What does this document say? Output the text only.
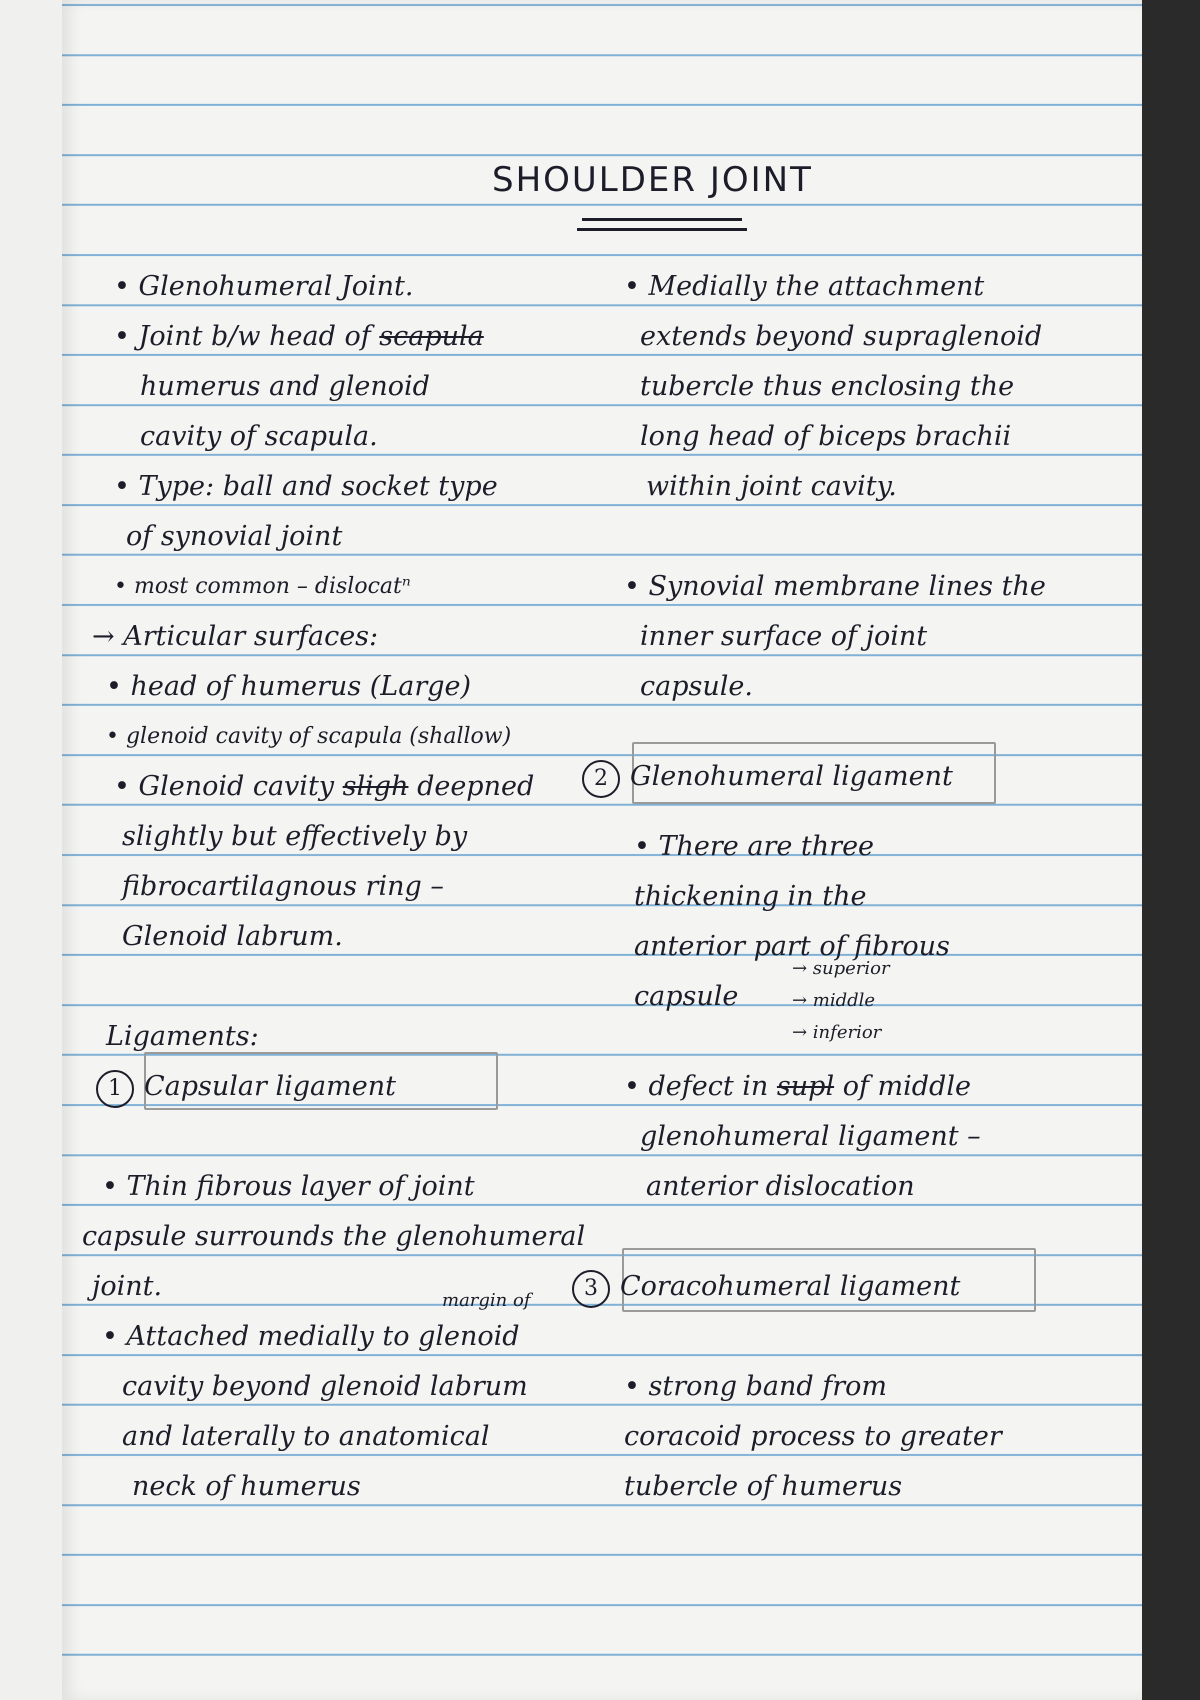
SHOULDER JOINT

• Glenohumeral Joint.

• Joint b/w head of scapula

humerus and glenoid

cavity of scapula.

• Type: ball and socket type

of synovial joint

• most common – dislocatⁿ

→ Articular surfaces:

• head of humerus (Large)

• glenoid cavity of scapula (shallow)

• Glenoid cavity sligh deepned

slightly but effectively by

fibrocartilagnous ring –

Glenoid labrum.

Ligaments:

1 Capsular ligament

• Thin fibrous layer of joint

capsule surrounds the glenohumeral

joint.	margin of

• Attached medially to glenoid

cavity beyond glenoid labrum

and laterally to anatomical

neck of humerus

• Medially the attachment

extends beyond supraglenoid

tubercle thus enclosing the

long head of biceps brachii

within joint cavity.

• Synovial membrane lines the

inner surface of joint

capsule.

2 Glenohumeral ligament

• There are three

thickening in the

anterior part of fibrous

capsule

→ superior

→ middle

→ inferior

• defect in supl of middle

glenohumeral ligament –

anterior dislocation

3 Coracohumeral ligament

• strong band from

coracoid process to greater

tubercle of humerus
